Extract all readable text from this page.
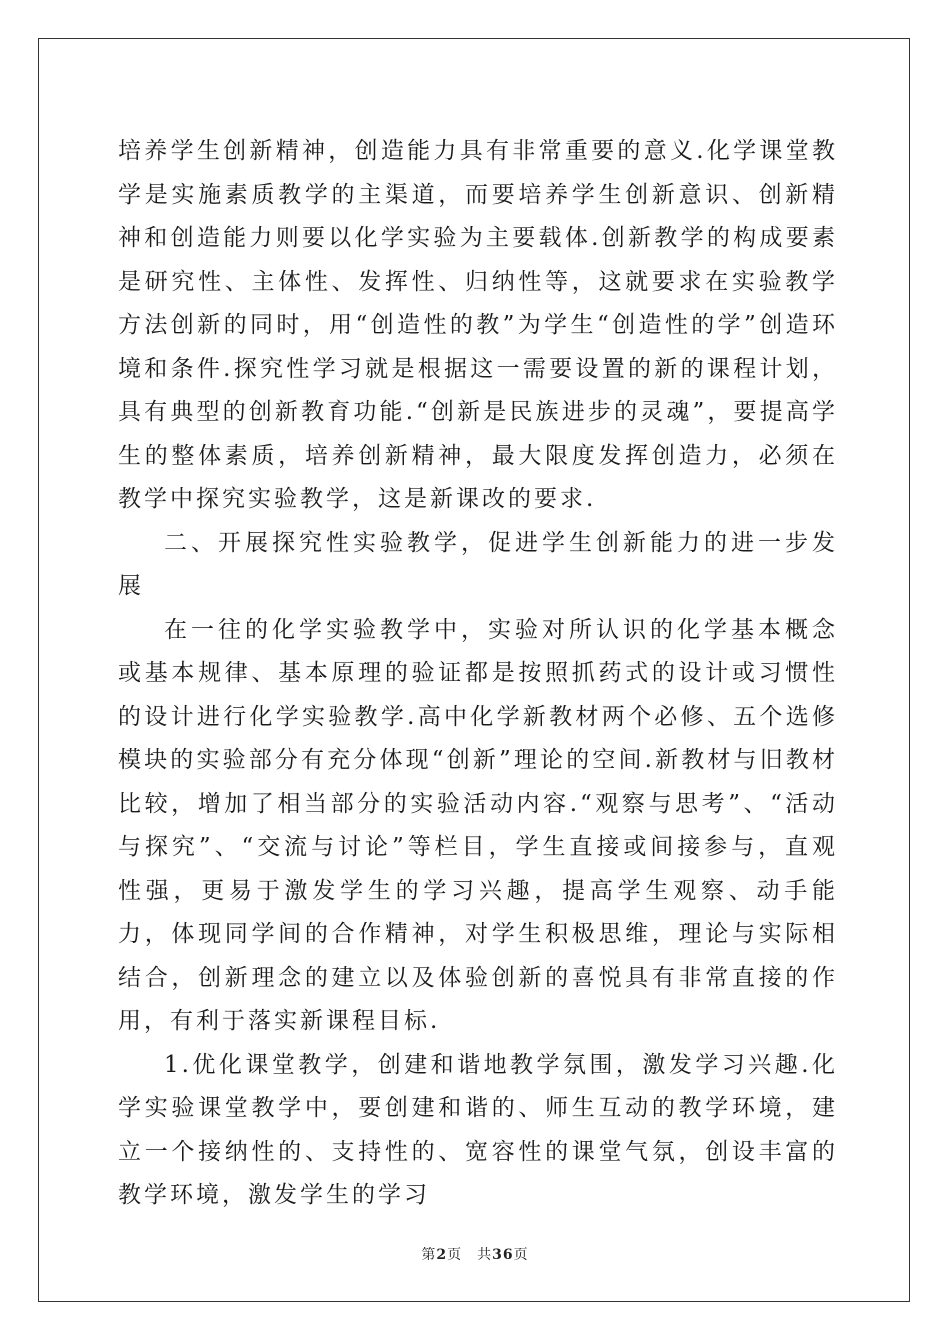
培养学生创新精神，创造能力具有非常重要的意义.化学课堂教学是实施素质教学的主渠道，而要培养学生创新意识、创新精神和创造能力则要以化学实验为主要载体.创新教学的构成要素是研究性、主体性、发挥性、归纳性等，这就要求在实验教学方法创新的同时，用“创造性的教”为学生“创造性的学”创造环境和条件.探究性学习就是根据这一需要设置的新的课程计划，具有典型的创新教育功能.“创新是民族进步的灵魂”，要提高学生的整体素质，培养创新精神，最大限度发挥创造力，必须在教学中探究实验教学，这是新课改的要求.

二、开展探究性实验教学，促进学生创新能力的进一步发展

在一往的化学实验教学中，实验对所认识的化学基本概念或基本规律、基本原理的验证都是按照抓药式的设计或习惯性的设计进行化学实验教学.高中化学新教材两个必修、五个选修模块的实验部分有充分体现“创新”理论的空间.新教材与旧教材比较，增加了相当部分的实验活动内容.“观察与思考”、“活动与探究”、“交流与讨论”等栏目，学生直接或间接参与，直观性强，更易于激发学生的学习兴趣，提高学生观察、动手能力，体现同学间的合作精神，对学生积极思维，理论与实际相结合，创新理念的建立以及体验创新的喜悦具有非常直接的作用，有利于落实新课程目标.

1.优化课堂教学，创建和谐地教学氛围，激发学习兴趣.化学实验课堂教学中，要创建和谐的、师生互动的教学环境，建立一个接纳性的、支持性的、宽容性的课堂气氛，创设丰富的教学环境，激发学生的学习

第2页　共36页
